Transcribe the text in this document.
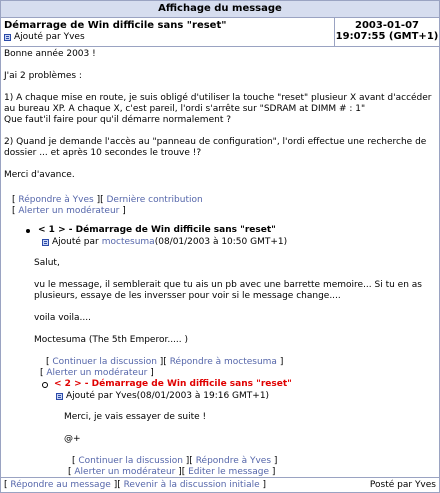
Affichage du message
Démarrage de Win difficile sans "reset"
Ajouté par Yves
2003-01-07
19:07:55 (GMT+1)

Bonne année 2003 !

J'ai 2 problèmes :

1) A chaque mise en route, je suis obligé d'utiliser la touche "reset" plusieur X avant d'accéder au bureau XP. A chaque X, c'est pareil, l'ordi s'arrête sur "SDRAM at DIMM # : 1"

Que faut'il faire pour qu'il démarre normalement ?

2) Quand je demande l'accès au "panneau de configuration", l'ordi effectue une recherche de dossier ... et après 10 secondes le trouve !?

Merci d'avance.

[ Répondre à Yves ][ Dernière contribution
[ Alerter un modérateur ]
< 1 > - Démarrage de Win difficile sans "reset"
Ajouté par moctesuma (08/01/2003 à 10:50 GMT+1)

Salut,

vu le message, il semblerait que tu ais un pb avec une barrette memoire... Si tu en as plusieurs, essaye de les inversser pour voir si le message change....

voila voila....

Moctesuma (The 5th Emperor..... )

[ Continuer la discussion ][ Répondre à moctesuma ]
[ Alerter un modérateur ]
< 2 > - Démarrage de Win difficile sans "reset"
Ajouté par Yves(08/01/2003 à 19:16 GMT+1)

Merci, je vais essayer de suite !

@+

[ Continuer la discussion ][ Répondre à Yves ]
[ Alerter un modérateur ][ Editer le message ]
[ Répondre au message ][ Revenir à la discussion initiale ]	Posté par Yves
